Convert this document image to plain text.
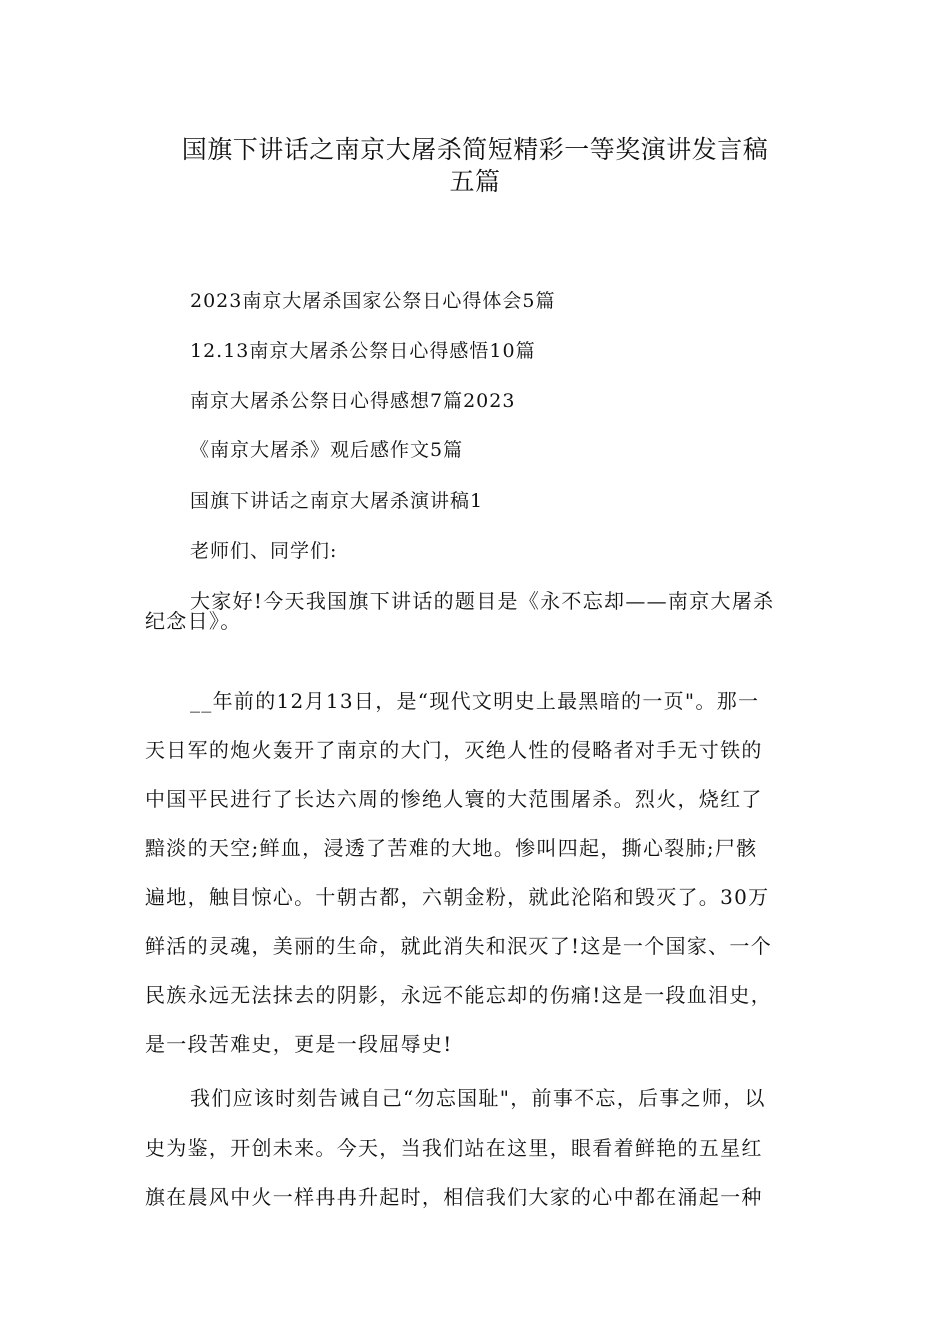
国旗下讲话之南京大屠杀简短精彩一等奖演讲发言稿
五篇
2023南京大屠杀国家公祭日心得体会5篇
12.13南京大屠杀公祭日心得感悟10篇
南京大屠杀公祭日心得感想7篇2023
《南京大屠杀》观后感作文5篇
国旗下讲话之南京大屠杀演讲稿1
老师们、同学们:
大家好!今天我国旗下讲话的题目是《永不忘却——南京大屠杀
纪念日》。
__年前的12月13日，是“现代文明史上最黑暗的一页"。那一
天日军的炮火轰开了南京的大门，灭绝人性的侵略者对手无寸铁的
中国平民进行了长达六周的惨绝人寰的大范围屠杀。烈火，烧红了
黯淡的天空;鲜血，浸透了苦难的大地。惨叫四起，撕心裂肺;尸骸
遍地，触目惊心。十朝古都，六朝金粉，就此沦陷和毁灭了。30万
鲜活的灵魂，美丽的生命，就此消失和泯灭了!这是一个国家、一个
民族永远无法抹去的阴影，永远不能忘却的伤痛!这是一段血泪史，
是一段苦难史，更是一段屈辱史!
我们应该时刻告诫自己“勿忘国耻"，前事不忘，后事之师，以
史为鉴，开创未来。今天，当我们站在这里，眼看着鲜艳的五星红
旗在晨风中火一样冉冉升起时，相信我们大家的心中都在涌起一种
